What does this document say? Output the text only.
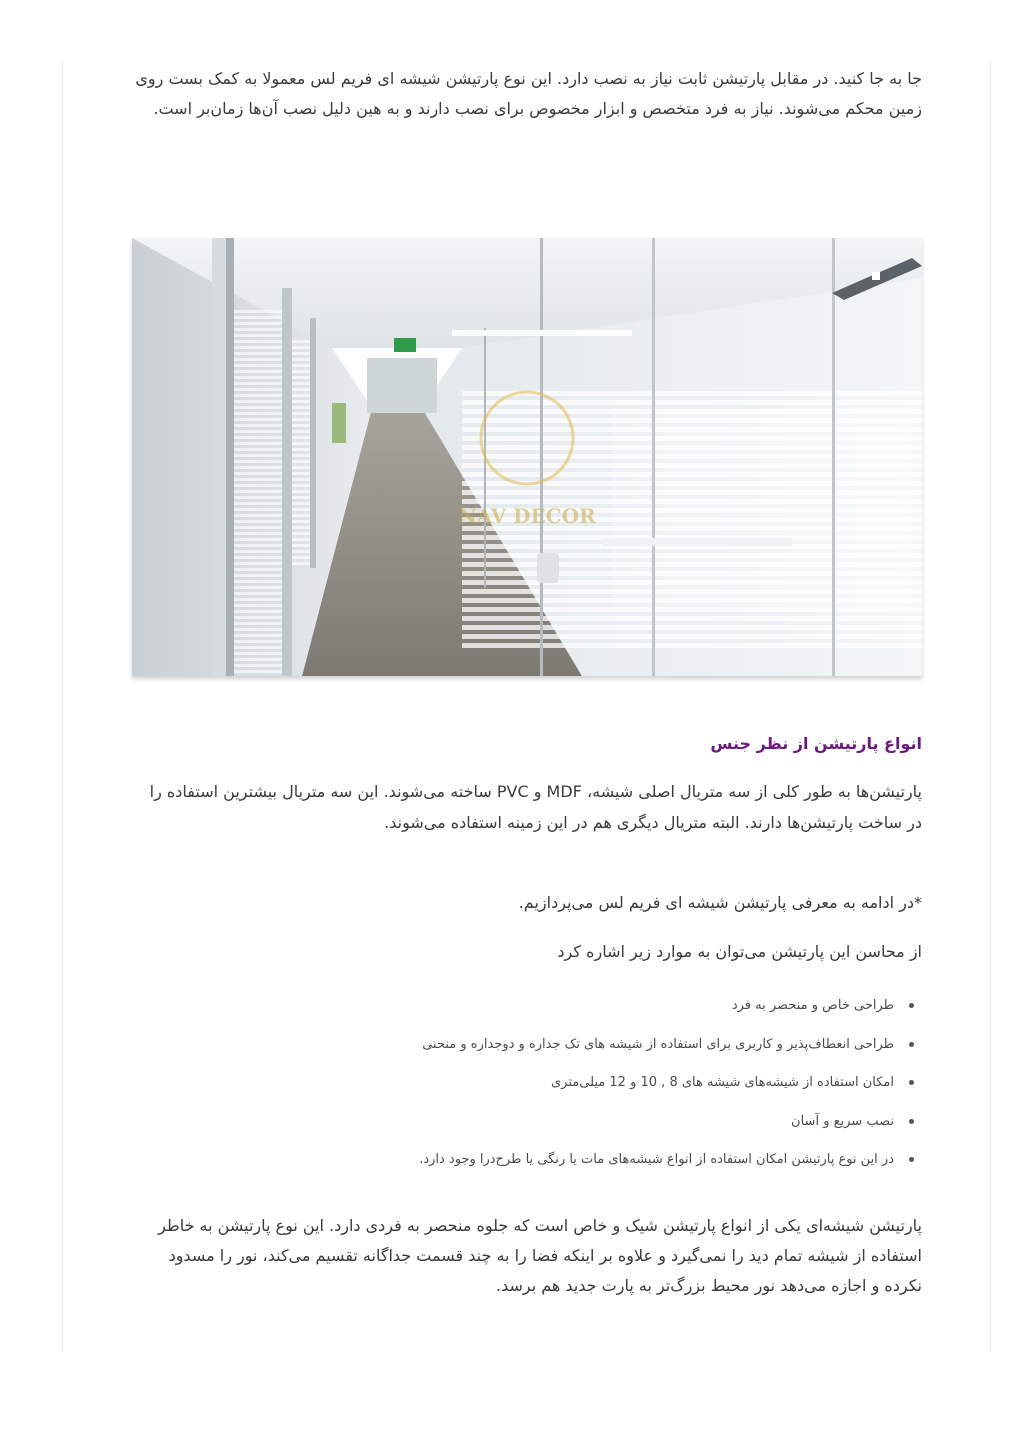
جا به جا کنید. در مقابل پارتیشن ثابت نیاز به نصب دارد. این نوع پارتیشن شیشه ای فریم لس معمولا به کمک بست روی زمین محکم می‌شوند. نیاز به فرد متخصص و ابزار مخصوص برای نصب دارند و به هین دلیل نصب آن‌ها زمان‌بر است.

NAV DECOR
انواع پارتیشن از نظر جنس

پارتیشن‌ها به طور کلی از سه متریال اصلی شیشه، MDF و PVC ساخته می‌شوند. این سه متریال بیشترین استفاده را در ساخت پارتیشن‌ها دارند. البته متریال دیگری هم در این زمینه استفاده می‌شوند.

*در ادامه به معرفی پارتیشن شیشه ای فریم لس می‌پردازیم.

از محاسن این پارتیشن می‌توان به موارد زیر اشاره کرد

طراحی خاص و منحصر به فرد
طراحی انعطاف‌پذیر و کاربری برای استفاده از شیشه های تک جداره و دوجداره و منحنی
امکان استفاده از شیشه‌های شیشه های 8 , 10 و 12 میلی‌متری
نصب سریع و آسان
در این نوع پارتیشن امکان استفاده از انواع شیشه‌های مات یا رنگی یا طرح‌درا وجود دارد.

پارتیشن شیشه‌ای یکی از انواع پارتیشن شیک و خاص است که جلوه منحصر به فردی دارد. این نوع پارتیشن به خاطر استفاده از شیشه تمام دید را نمی‌گیرد و علاوه بر اینکه فضا را به چند قسمت جداگانه تقسیم می‌کند، نور را مسدود نکرده و اجازه می‌دهد نور محیط بزرگ‌تر به پارت جدید هم برسد.
